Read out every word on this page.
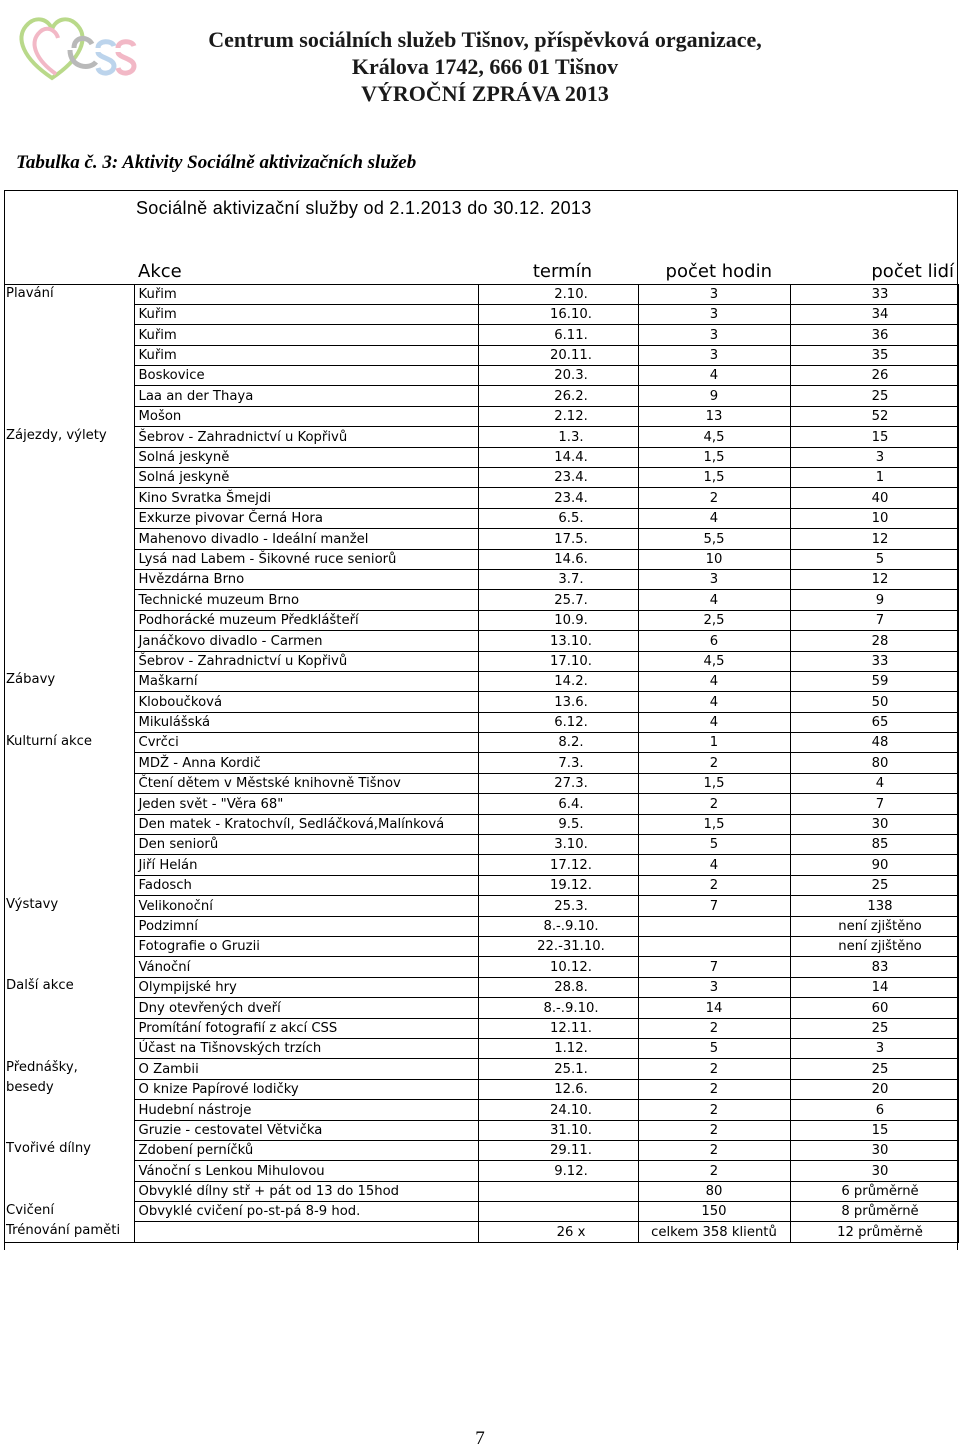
Centrum sociálních služeb Tišnov, příspěvková organizace,
Králova 1742, 666 01 Tišnov
VÝROČNÍ ZPRÁVA 2013
Tabulka č. 3: Aktivity Sociálně aktivizačních služeb
Sociálně aktivizační služby od 2.1.2013 do 30.12. 2013
	Akce	termín	počet hodin	počet lidí
Plavání	Kuřim	2.10.	3	33
	Kuřim	16.10.	3	34
	Kuřim	6.11.	3	36
	Kuřim	20.11.	3	35
	Boskovice	20.3.	4	26
	Laa an der Thaya	26.2.	9	25
	Mošon	2.12.	13	52
Zájezdy, výlety	Šebrov - Zahradnictví u Kopřivů	1.3.	4,5	15
	Solná jeskyně	14.4.	1,5	3
	Solná jeskyně	23.4.	1,5	1
	Kino Svratka Šmejdi	23.4.	2	40
	Exkurze pivovar Černá Hora	6.5.	4	10
	Mahenovo divadlo - Ideální manžel	17.5.	5,5	12
	Lysá nad Labem - Šikovné ruce seniorů	14.6.	10	5
	Hvězdárna Brno	3.7.	3	12
	Technické muzeum Brno	25.7.	4	9
	Podhorácké muzeum Předklášteří	10.9.	2,5	7
	Janáčkovo divadlo - Carmen	13.10.	6	28
	Šebrov - Zahradnictví u Kopřivů	17.10.	4,5	33
Zábavy	Maškarní	14.2.	4	59
	Kloboučková	13.6.	4	50
	Mikulášská	6.12.	4	65
Kulturní akce	Cvrčci	8.2.	1	48
	MDŽ - Anna Kordič	7.3.	2	80
	Čtení dětem v Městské knihovně Tišnov	27.3.	1,5	4
	Jeden svět - "Věra 68"	6.4.	2	7
	Den matek - Kratochvíl, Sedláčková,Malínková	9.5.	1,5	30
	Den seniorů	3.10.	5	85
	Jiří Helán	17.12.	4	90
	Fadosch	19.12.	2	25
Výstavy	Velikonoční	25.3.	7	138
	Podzimní	8.-.9.10.		není zjištěno
	Fotografie o Gruzii	22.-31.10.		není zjištěno
	Vánoční	10.12.	7	83
Další akce	Olympijské hry	28.8.	3	14
	Dny otevřených dveří	8.-.9.10.	14	60
	Promítání fotografií z akcí CSS	12.11.	2	25
	Účast na Tišnovských trzích	1.12.	5	3
Přednášky,	O Zambii	25.1.	2	25
besedy	O knize Papírové lodičky	12.6.	2	20
	Hudební nástroje	24.10.	2	6
	Gruzie - cestovatel Větvička	31.10.	2	15
Tvořivé dílny	Zdobení perníčků	29.11.	2	30
	Vánoční s Lenkou Mihulovou	9.12.	2	30
	Obvyklé dílny stř + pát od 13 do 15hod		80	6 průměrně
Cvičení	Obvyklé cvičení po-st-pá 8-9 hod.		150	8 průměrně
Trénování paměti		26 x	celkem 358 klientů	12 průměrně
7
